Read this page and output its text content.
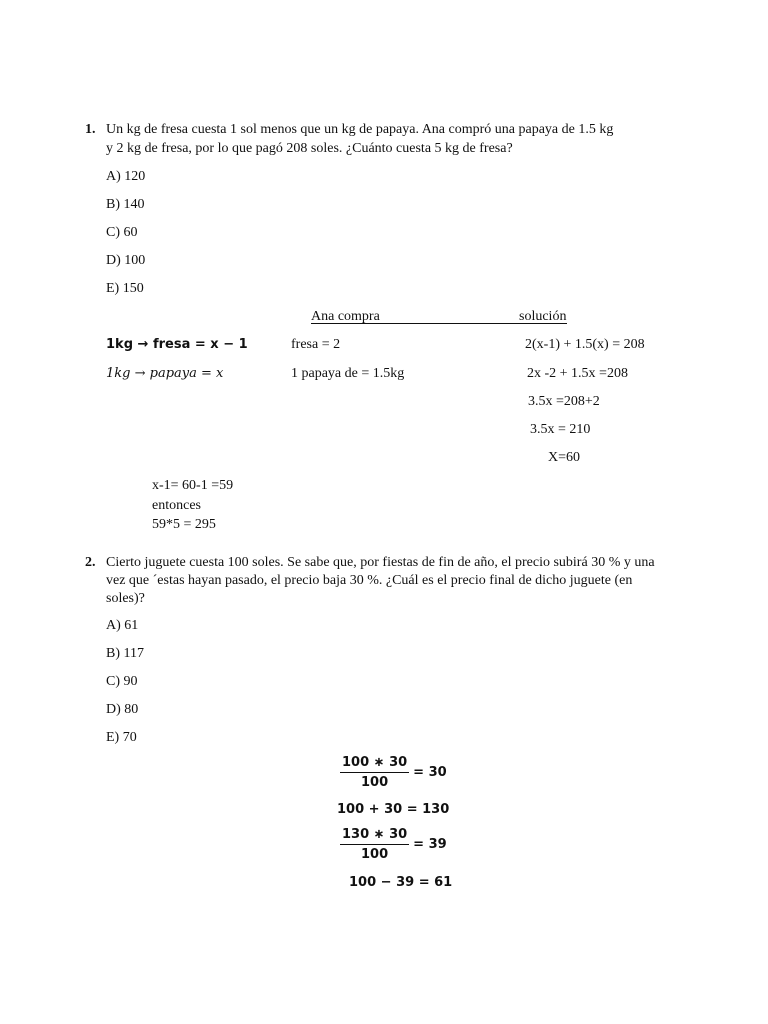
1. Un kg de fresa cuesta 1 sol menos que un kg de papaya. Ana compró una papaya de 1.5 kg
y 2 kg de fresa, por lo que pagó 208 soles. ¿Cuánto cuesta 5 kg de fresa?
A) 120
B) 140
C) 60
D) 100
E) 150
Ana compra	solución
1kg → fresa = x − 1
1kg → papaya = x
fresa = 2
1 papaya de = 1.5kg
2(x-1) + 1.5(x) = 208
2x -2 + 1.5x =208
3.5x =208+2
3.5x = 210
X=60
x-1= 60-1 =59
entonces
59*5 = 295
2. Cierto juguete cuesta 100 soles. Se sabe que, por fiestas de fin de año, el precio subirá 30 % y una
vez que ´estas hayan pasado, el precio baja 30 %. ¿Cuál es el precio final de dicho juguete (en
soles)?
A) 61
B) 117
C) 90
D) 80
E) 70
$\frac{100 ∗ 30}{100} = 30$
100 + 30 = 130
$\frac{130 ∗ 30}{100} = 39$
100 − 39 = 61
